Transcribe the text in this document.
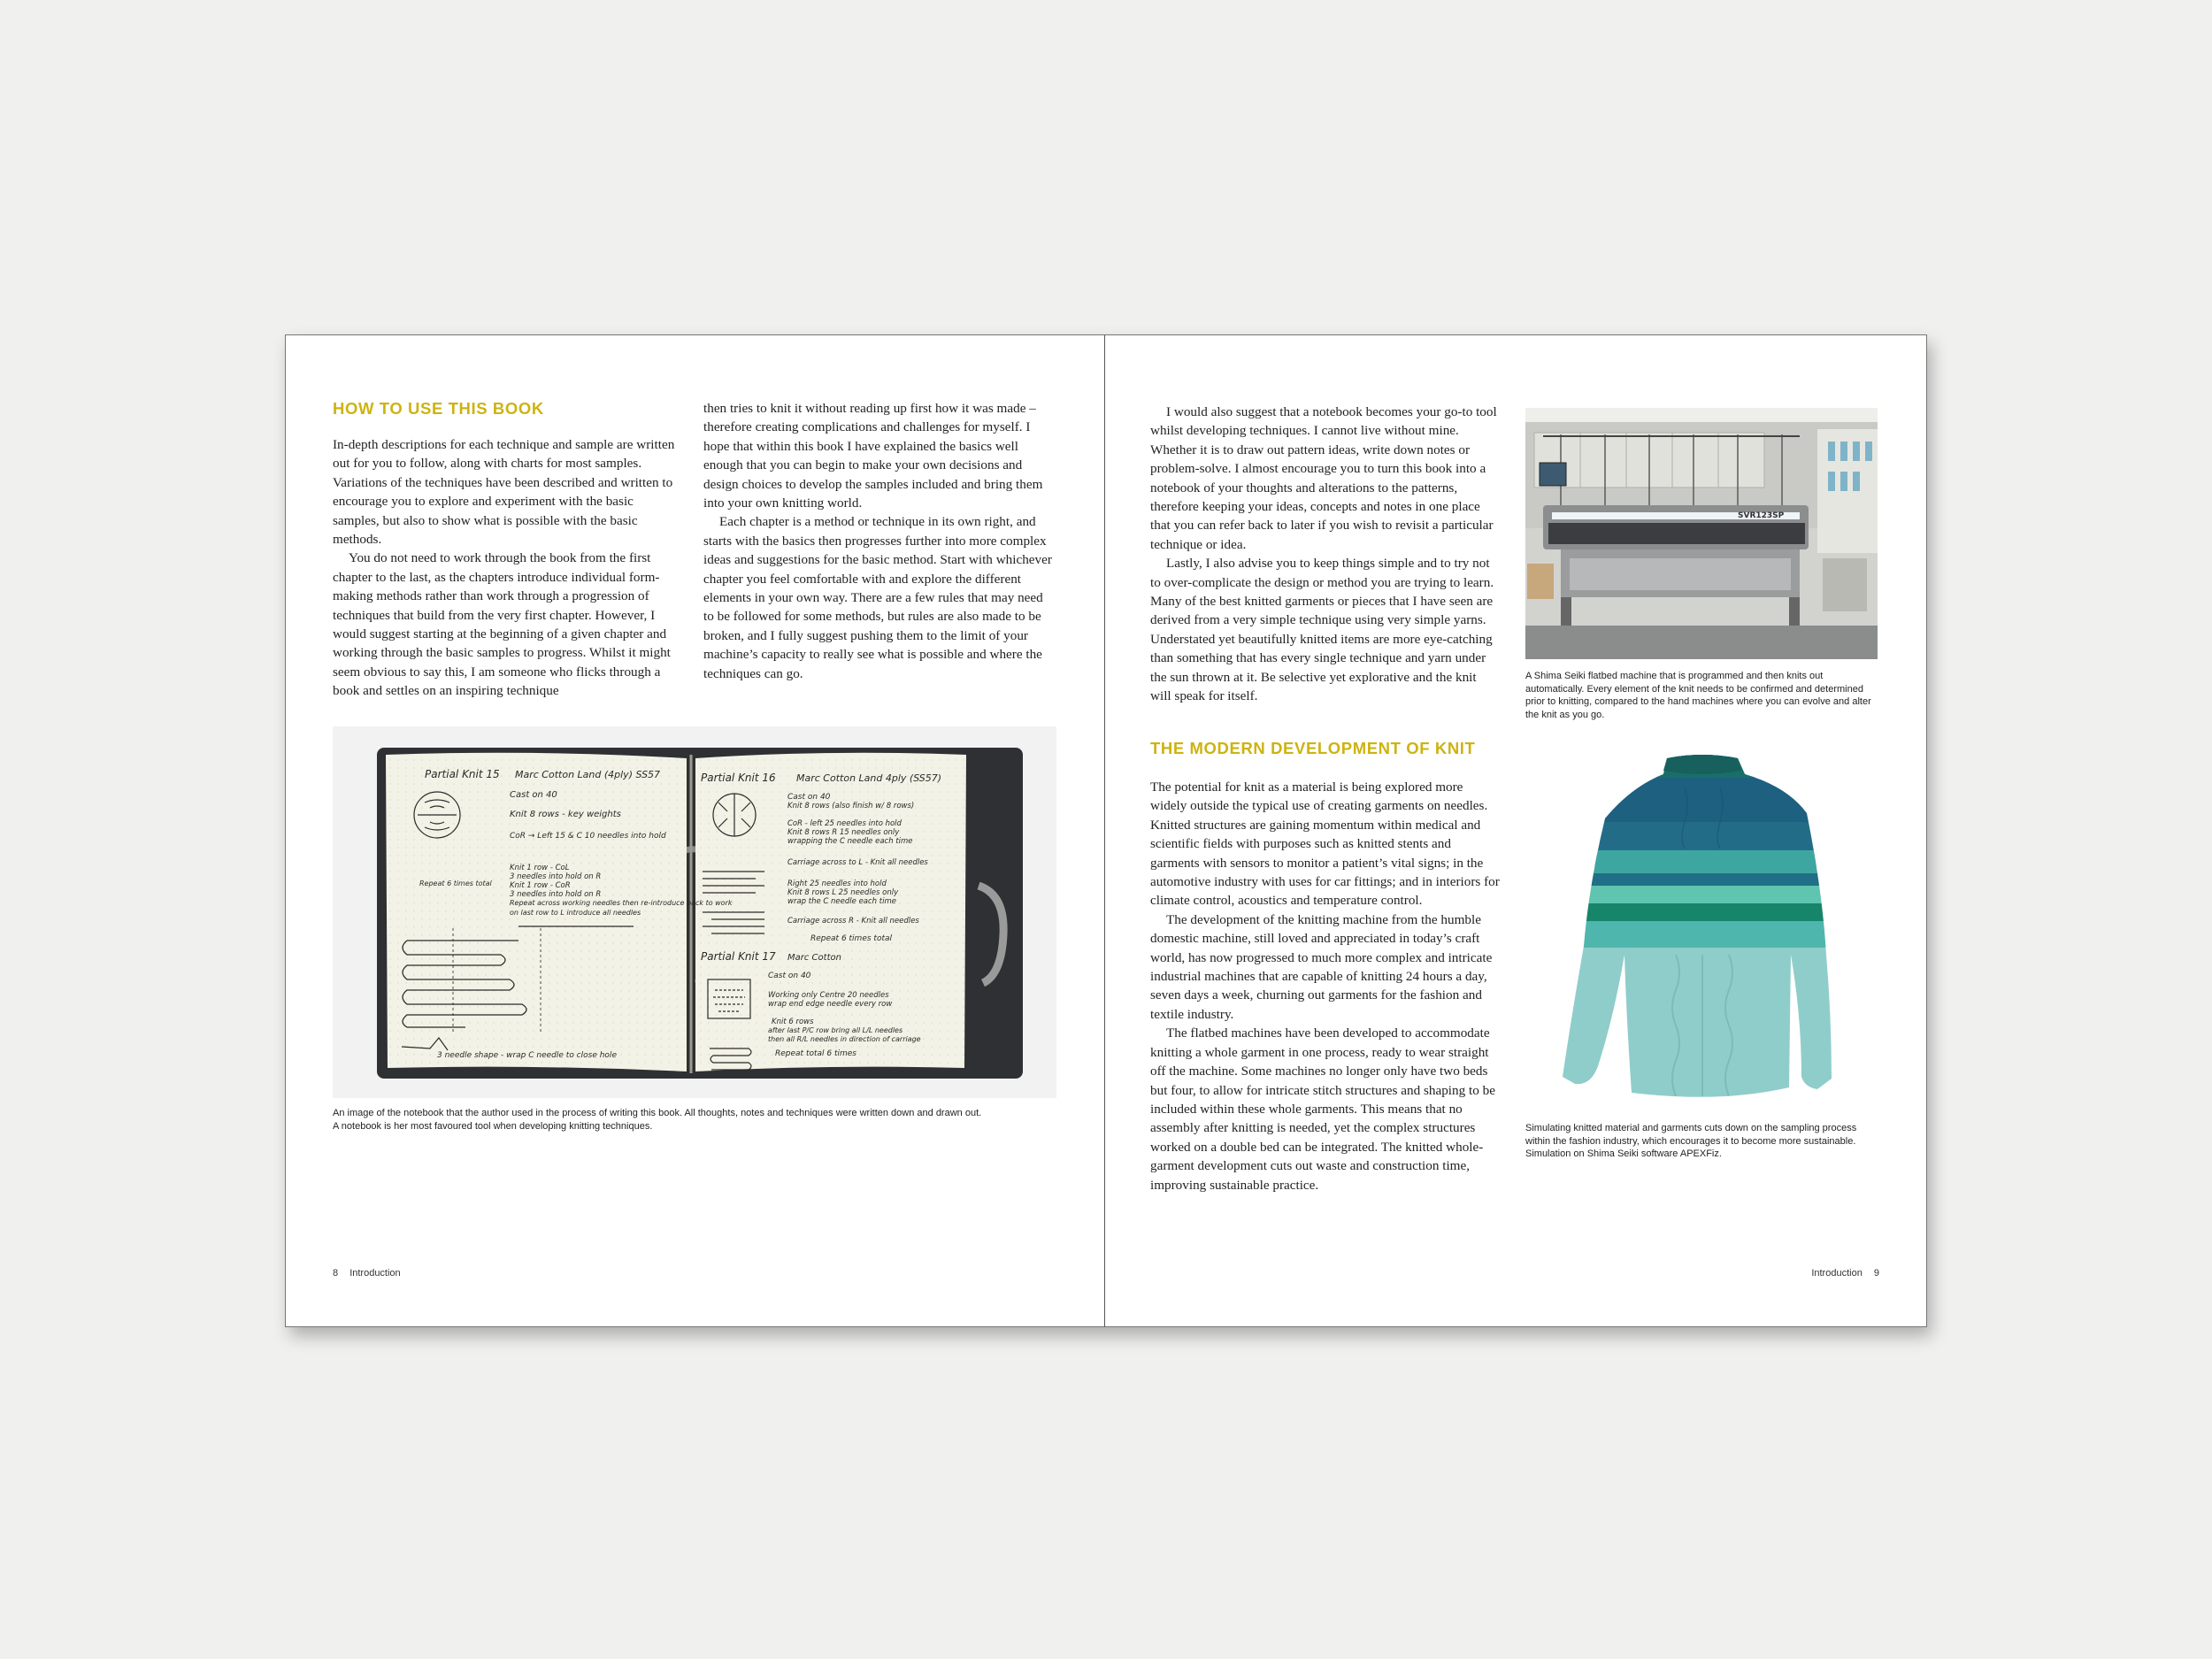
HOW TO USE THIS BOOK

In-depth descriptions for each technique and sample are written out for you to follow, along with charts for most samples. Variations of the techniques have been described and written to encourage you to explore and experiment with the basic samples, but also to show what is possible with the basic methods.

You do not need to work through the book from the first chapter to the last, as the chapters introduce individual form-making methods rather than work through a progression of techniques that build from the very first chapter. However, I would suggest starting at the beginning of a given chapter and working through the basic samples to progress. Whilst it might seem obvious to say this, I am someone who flicks through a book and settles on an inspiring technique

then tries to knit it without reading up first how it was made – therefore creating complications and challenges for myself. I hope that within this book I have explained the basics well enough that you can begin to make your own decisions and design choices to develop the samples included and bring them into your own knitting world.

Each chapter is a method or technique in its own right, and starts with the basics then progresses further into more complex ideas and suggestions for the basic method. Start with whichever chapter you feel comfortable with and explore the different elements in your own way. There are a few rules that may need to be followed for some methods, but rules are also made to be broken, and I fully suggest pushing them to the limit of your machine’s capacity to really see what is possible and where the techniques can go.

Partial Knit 15 Marc Cotton Land (4ply) SS57
Cast on 40
Knit 8 rows - key weights
CoR → Left 15 & C 10 needles into hold
Knit 1 row - CoL
3 needles into hold on R
Knit 1 row - CoR
3 needles into hold on R
Repeat across working needles then re-introduce back to work
on last row to L introduce all needles
Repeat 6 times total
3 needle shape - wrap C needle to close hole
Partial Knit 16 Marc Cotton Land 4ply (SS57)
Cast on 40
Knit 8 rows (also finish w/ 8 rows)
CoR - left 25 needles into hold
Knit 8 rows R 15 needles only
wrapping the C needle each time
Carriage across to L - Knit all needles
Right 25 needles into hold
Knit 8 rows L 25 needles only
wrap the C needle each time
Carriage across R - Knit all needles
Repeat 6 times total
Partial Knit 17 Marc Cotton
Cast on 40
Working only Centre 20 needles
wrap end edge needle every row
Knit 6 rows
after last P/C row bring all L/L needles
then all R/L needles in direction of carriage
Repeat total 6 times
An image of the notebook that the author used in the process of writing this book. All thoughts, notes and techniques were written down and drawn out.
A notebook is her most favoured tool when developing knitting techniques.
8 Introduction

I would also suggest that a notebook becomes your go-to tool whilst developing techniques. I cannot live without mine. Whether it is to draw out pattern ideas, write down notes or problem-solve. I almost encourage you to turn this book into a notebook of your thoughts and alterations to the patterns, therefore keeping your ideas, concepts and notes in one place that you can refer back to later if you wish to revisit a particular technique or idea.

Lastly, I also advise you to keep things simple and to try not to over-complicate the design or method you are trying to learn. Many of the best knitted garments or pieces that I have seen are derived from a very simple technique using very simple yarns. Understated yet beautifully knitted items are more eye-catching than something that has every single technique and yarn under the sun thrown at it. Be selective yet explorative and the knit will speak for itself.

THE MODERN DEVELOPMENT OF KNIT

The potential for knit as a material is being explored more widely outside the typical use of creating garments on needles. Knitted structures are gaining momentum within medical and scientific fields with purposes such as knitted stents and garments with sensors to monitor a patient’s vital signs; in the automotive industry with uses for car fittings; and in interiors for climate control, acoustics and temperature control.

The development of the knitting machine from the humble domestic machine, still loved and appreciated in today’s craft world, has now progressed to much more complex and intricate industrial machines that are capable of knitting 24 hours a day, seven days a week, churning out garments for the fashion and textile industry.

The flatbed machines have been developed to accommodate knitting a whole garment in one process, ready to wear straight off the machine. Some machines no longer only have two beds but four, to allow for intricate stitch structures and shaping to be included within these whole garments. This means that no assembly after knitting is needed, yet the complex structures worked on a double bed can be integrated. The knitted whole-garment development cuts out waste and construction time, improving sustainable practice.

SVR123SP
A Shima Seiki flatbed machine that is programmed and then knits out automatically. Every element of the knit needs to be confirmed and determined prior to knitting, compared to the hand machines where you can evolve and alter the knit as you go.
Simulating knitted material and garments cuts down on the sampling process within the fashion industry, which encourages it to become more sustainable. Simulation on Shima Seiki software APEXFiz.
Introduction 9
